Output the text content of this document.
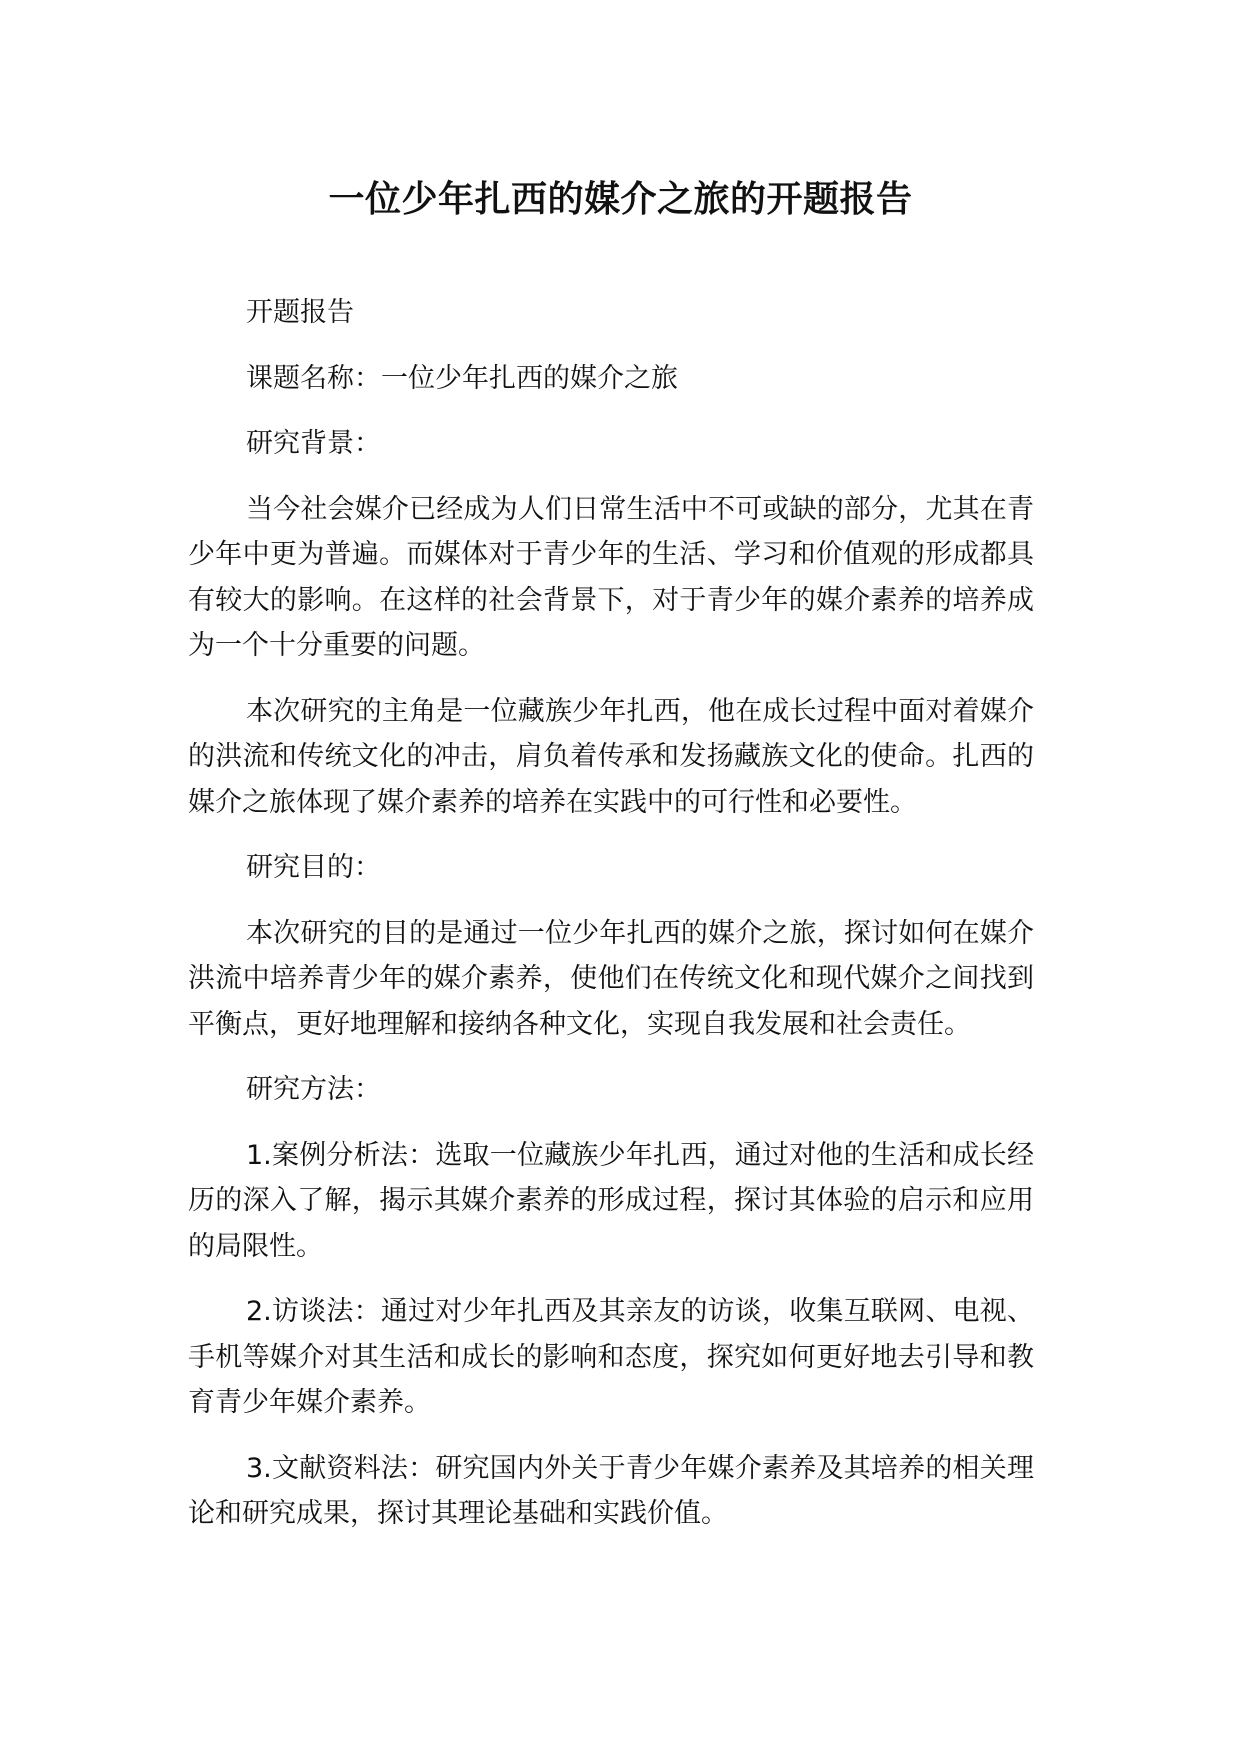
一位少年扎西的媒介之旅的开题报告

开题报告

课题名称：一位少年扎西的媒介之旅

研究背景：

当今社会媒介已经成为人们日常生活中不可或缺的部分，尤其在青少年中更为普遍。而媒体对于青少年的生活、学习和价值观的形成都具有较大的影响。在这样的社会背景下，对于青少年的媒介素养的培养成为一个十分重要的问题。

本次研究的主角是一位藏族少年扎西，他在成长过程中面对着媒介的洪流和传统文化的冲击，肩负着传承和发扬藏族文化的使命。扎西的媒介之旅体现了媒介素养的培养在实践中的可行性和必要性。

研究目的：

本次研究的目的是通过一位少年扎西的媒介之旅，探讨如何在媒介洪流中培养青少年的媒介素养，使他们在传统文化和现代媒介之间找到平衡点，更好地理解和接纳各种文化，实现自我发展和社会责任。

研究方法：

1.案例分析法：选取一位藏族少年扎西，通过对他的生活和成长经历的深入了解，揭示其媒介素养的形成过程，探讨其体验的启示和应用的局限性。

2.访谈法：通过对少年扎西及其亲友的访谈，收集互联网、电视、手机等媒介对其生活和成长的影响和态度，探究如何更好地去引导和教育青少年媒介素养。

3.文献资料法：研究国内外关于青少年媒介素养及其培养的相关理论和研究成果，探讨其理论基础和实践价值。
